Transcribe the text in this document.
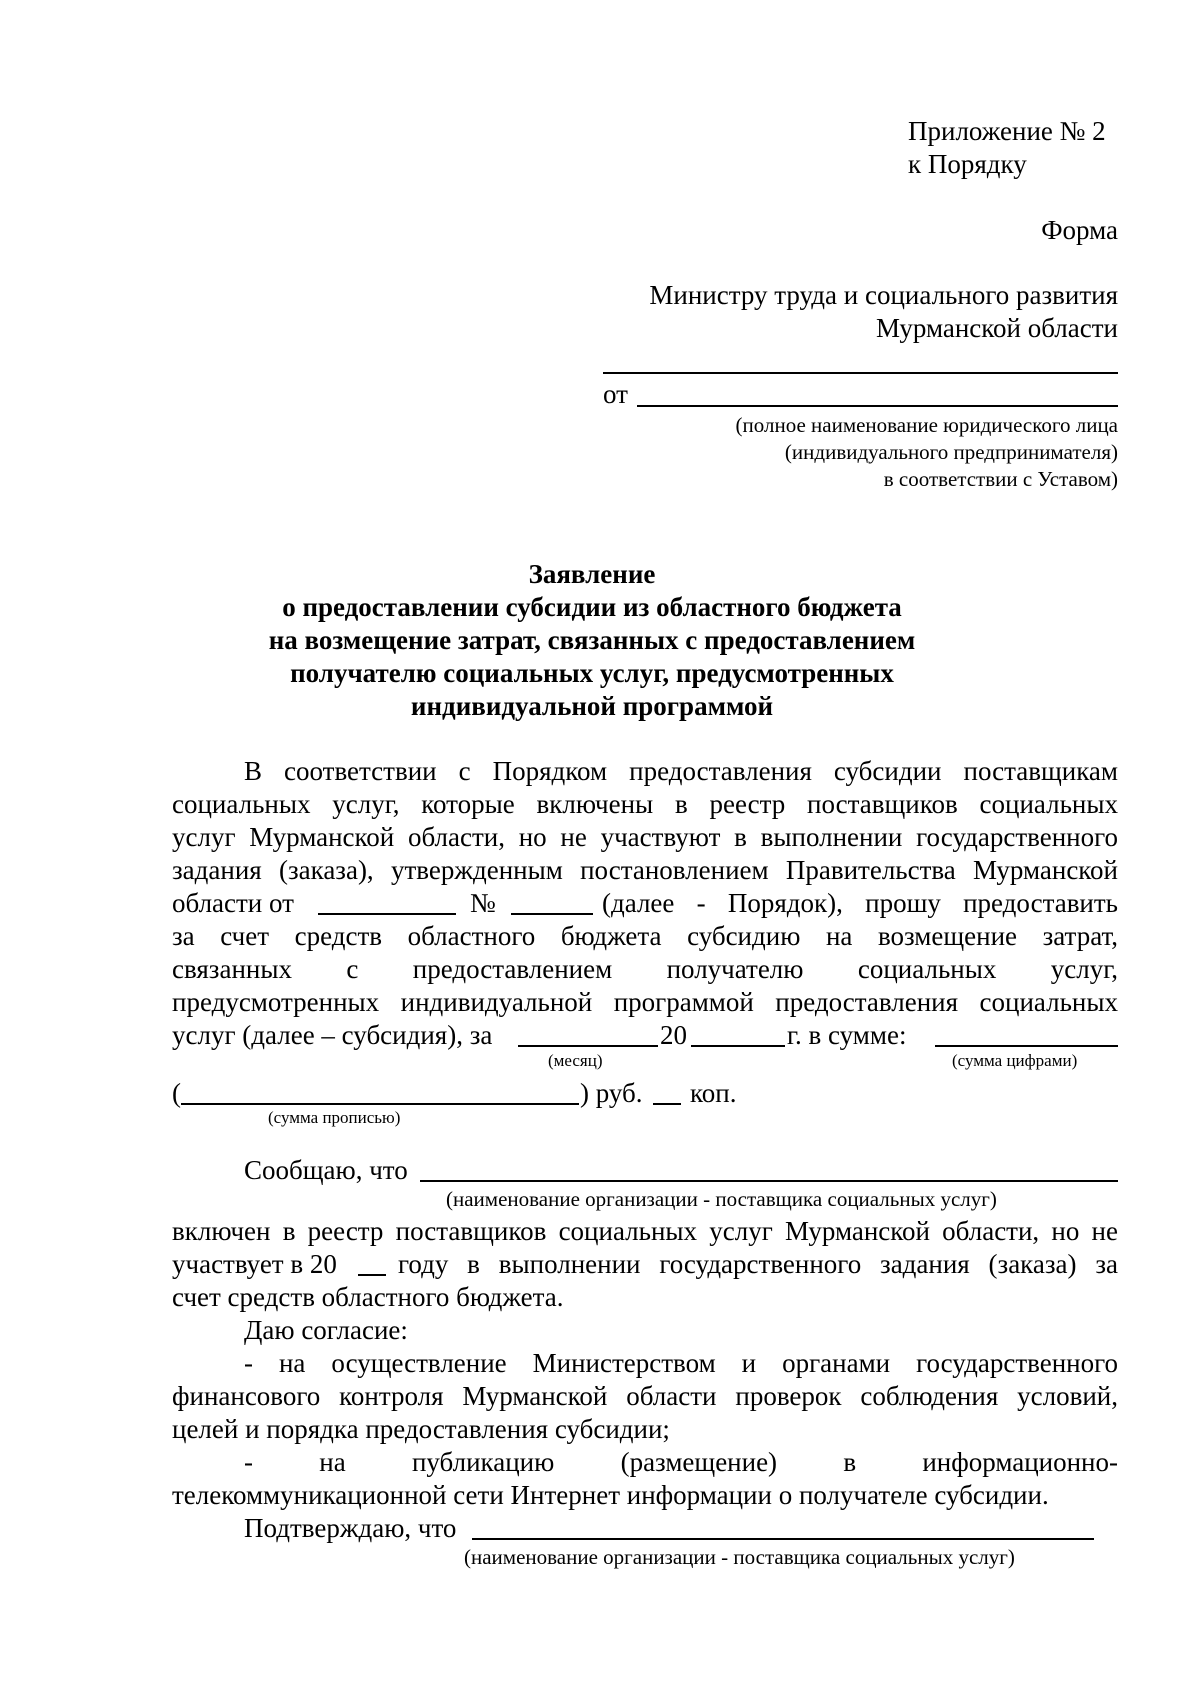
Приложение № 2
к Порядку
Форма
Министру труда и социального развития
Мурманской области
от
(полное наименование юридического лица
(индивидуального предпринимателя)
в соответствии с Уставом)
Заявление
о предоставлении субсидии из областного бюджета
на возмещение затрат, связанных с предоставлением
получателю социальных услуг, предусмотренных
индивидуальной программой
В соответствии с Порядком предоставления субсидии поставщикам
социальных услуг, которые включены в реестр поставщиков социальных
услуг Мурманской области, но не участвуют в выполнении государственного
задания (заказа), утвержденным постановлением Правительства Мурманской
области от	№	(далее - Порядок), прошу предоставить
за счет средств областного бюджета субсидию на возмещение затрат,
связанных с предоставлением получателю социальных услуг,
предусмотренных индивидуальной программой предоставления социальных
услуг (далее – субсидия), за	20	г. в сумме:
(месяц)	(сумма цифрами)
(	) руб. коп.
(сумма прописью)
Сообщаю, что
(наименование организации - поставщика социальных услуг)
включен в реестр поставщиков социальных услуг Мурманской области, но не
участвует в 20 году в выполнении государственного задания (заказа) за
счет средств областного бюджета.
Даю согласие:
- на осуществление Министерством и органами государственного
финансового контроля Мурманской области проверок соблюдения условий,
целей и порядка предоставления субсидии;
- на публикацию (размещение) в информационно-
телекоммуникационной сети Интернет информации о получателе субсидии.
Подтверждаю, что
(наименование организации - поставщика социальных услуг)
